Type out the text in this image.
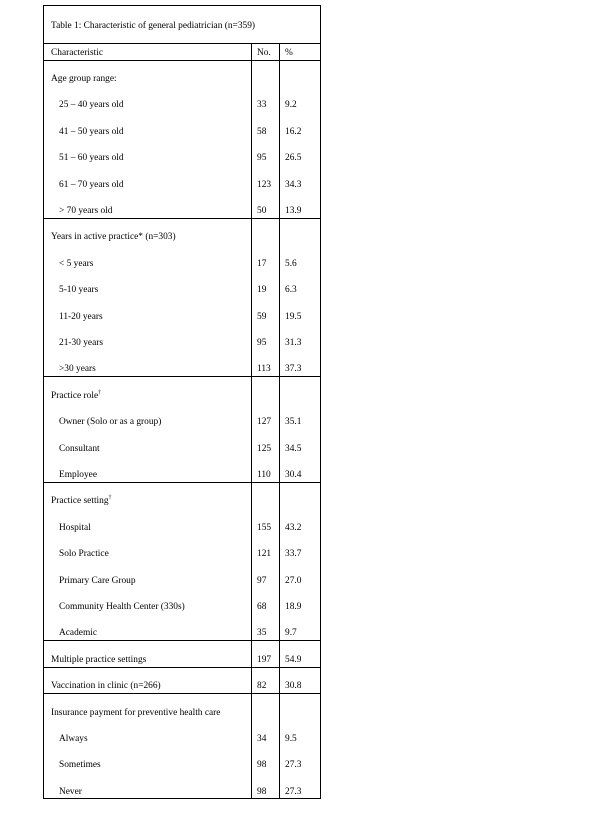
Table 1: Characteristic of general pediatrician (n=359)
Characteristic	No. %
Age group range:
25 – 40 years old	33 9.2
41 – 50 years old	58 16.2
51 – 60 years old	95 26.5
61 – 70 years old	123 34.3
> 70 years old	50 13.9
Years in active practice* (n=303)
< 5 years	17 5.6
5-10 years	19 6.3
11-20 years	59 19.5
21-30 years	95 31.3
>30 years	113 37.3
Practice role†
Owner (Solo or as a group)	127 35.1
Consultant	125 34.5
Employee	110 30.4
Practice setting†
Hospital	155 43.2
Solo Practice	121 33.7
Primary Care Group	97 27.0
Community Health Center (330s)	68 18.9
Academic	35 9.7
Multiple practice settings	197 54.9
Vaccination in clinic (n=266)	82 30.8
Insurance payment for preventive health care
Always	34 9.5
Sometimes	98 27.3
Never	98 27.3
